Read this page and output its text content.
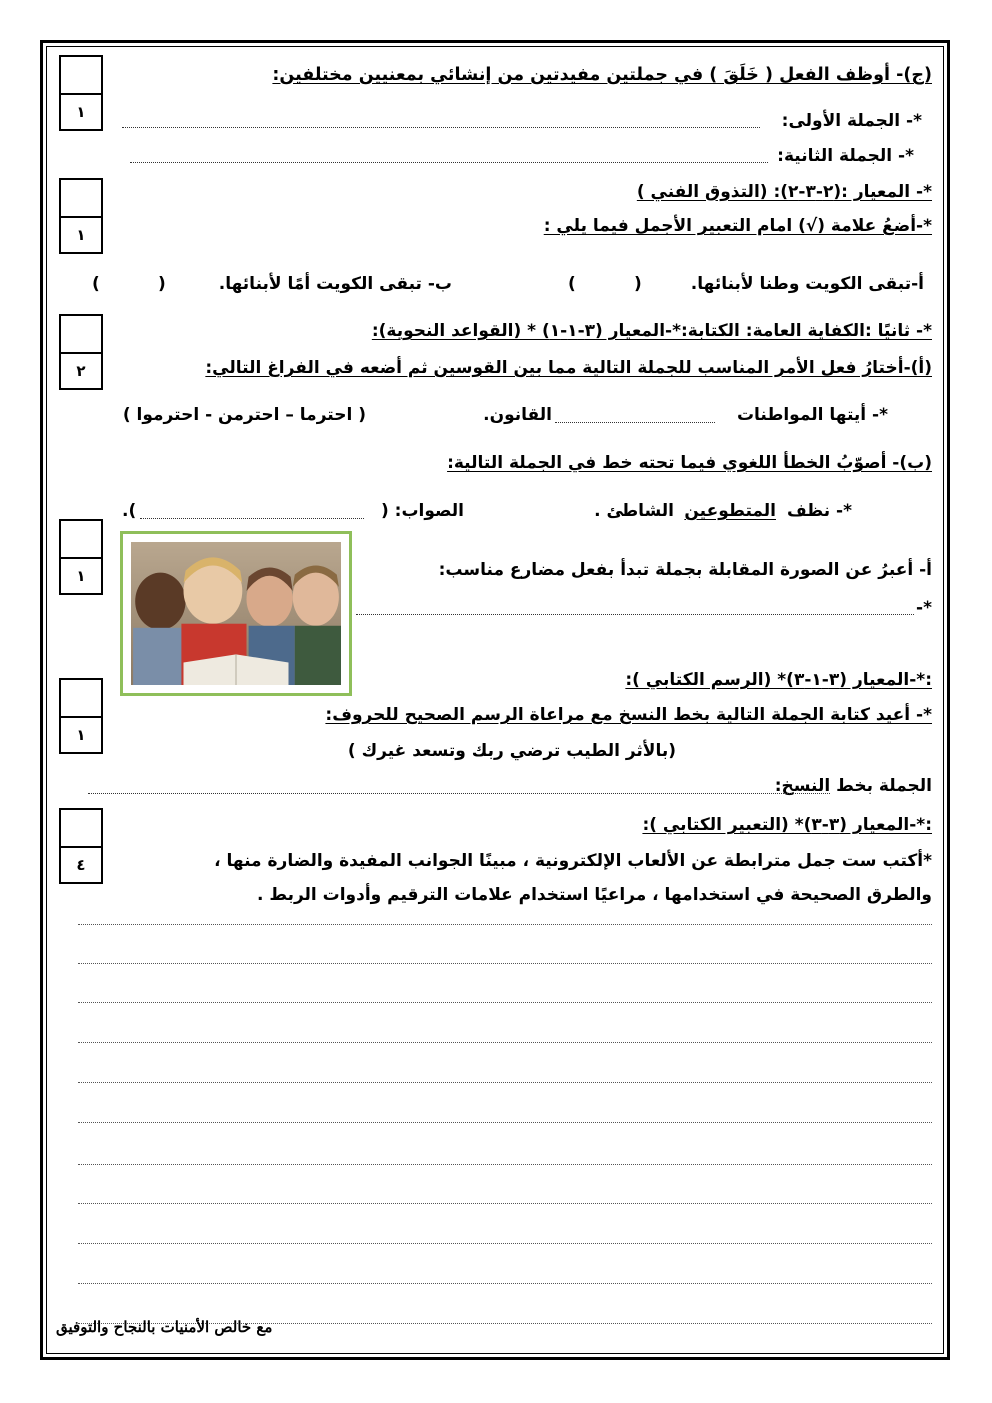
١
(ج)- أوظف الفعل ( خَلَقَ ) في جملتين مفيدتين من إنشائي بمعنيين مختلفين:
*- الجملة الأولى:
*- الجملة الثانية:
١
*- المعيار :(٢-٣-٢): (التذوق الفني )
*-أضعُ علامة (√) امام التعبير الأجمل فيما يلي :
أ-تبقى الكويت وطنا لأبنائها.
)	(
ب- تبقى الكويت أمًا لأبنائها.
)	(
٢
*- ثانيًا :الكفاية العامة: الكتابة:*-المعيار (٣-١-١) * (القواعد النحوية):
(أ)-أختارُ فعل الأمر المناسب للجملة التالية مما بين القوسين ثم أضعه في الفراغ التالي:
*- أيتها المواطنات
القانون.
( احترما – احترمن - احترموا )
(ب)- أصوّبُ الخطأ اللغوي فيما تحته خط في الجملة التالية:
*- نظف
المتطوعين
الشاطئ .
الصواب: (
).
١	أ- أعبرُ عن الصورة المقابلة بجملة تبدأ بفعل مضارع مناسب:
*-
١
:*-المعيار (٣-١-٣)* (الرسم الكتابي ):
*- أعيد كتابة الجملة التالية بخط النسخ مع مراعاة الرسم الصحيح للحروف:
(بالأثر الطيب ترضي ربك وتسعد غيرك )
الجملة بخط النسخ:
٤
:*-المعيار (٣-٣)* (التعبير الكتابي ):
*أكتب ست جمل مترابطة عن الألعاب الإلكترونية ، مبينًا الجوانب المفيدة والضارة منها ،
والطرق الصحيحة في استخدامها ، مراعيًا استخدام علامات الترقيم وأدوات الربط .
مع خالص الأمنيات بالنجاح والتوفيق
